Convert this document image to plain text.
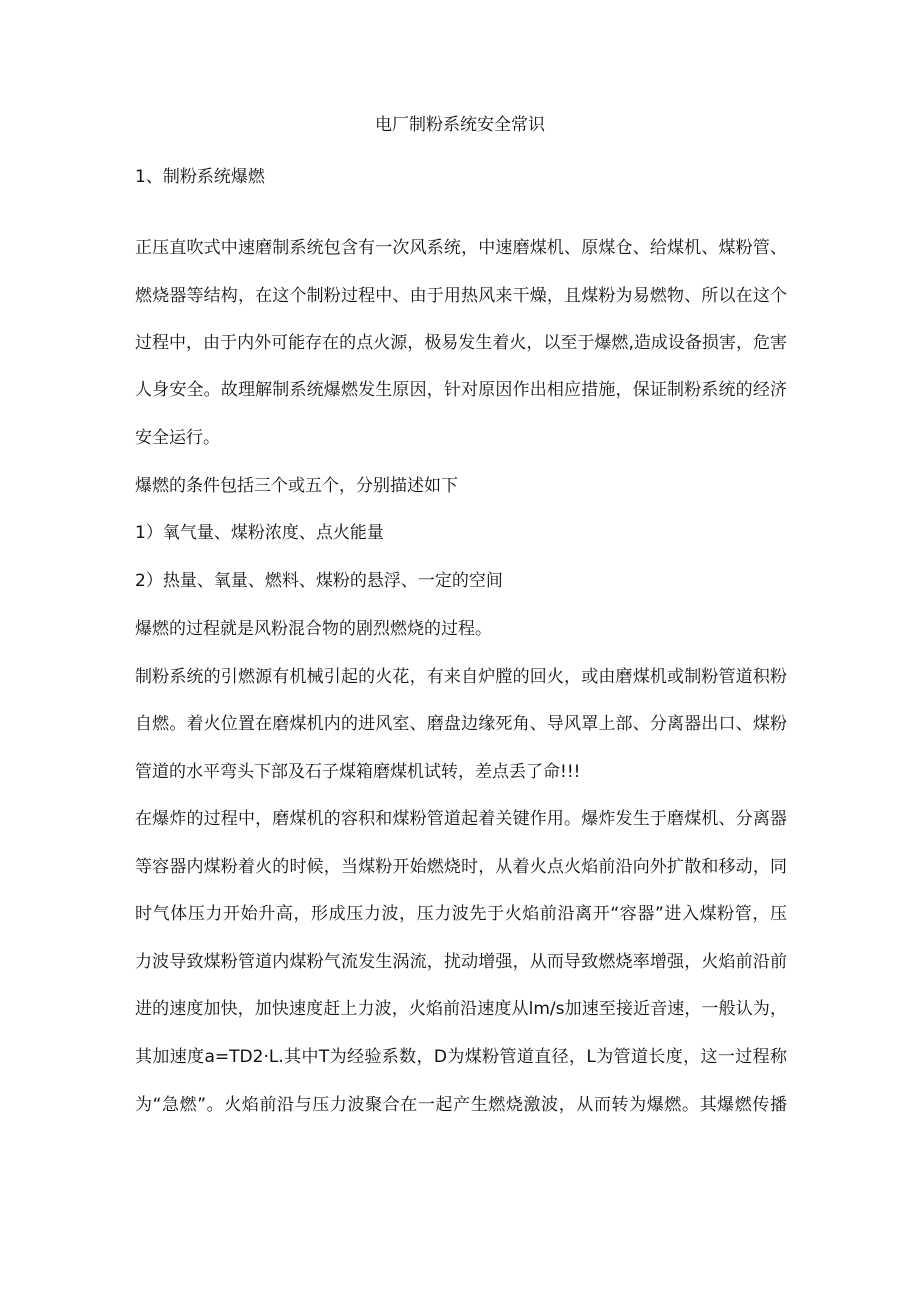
电厂制粉系统安全常识
1、制粉系统爆燃
正压直吹式中速磨制系统包含有一次风系统，中速磨煤机、原煤仓、给煤机、煤粉管、
燃烧器等结构，在这个制粉过程中、由于用热风来干燥，且煤粉为易燃物、所以在这个
过程中，由于内外可能存在的点火源，极易发生着火，以至于爆燃,造成设备损害，危害
人身安全。故理解制系统爆燃发生原因，针对原因作出相应措施，保证制粉系统的经济
安全运行。
爆燃的条件包括三个或五个，分别描述如下
1）氧气量、煤粉浓度、点火能量
2）热量、氧量、燃料、煤粉的悬浮、一定的空间
爆燃的过程就是风粉混合物的剧烈燃烧的过程。
制粉系统的引燃源有机械引起的火花，有来自炉膛的回火，或由磨煤机或制粉管道积粉
自燃。着火位置在磨煤机内的进风室、磨盘边缘死角、导风罩上部、分离器出口、煤粉
管道的水平弯头下部及石子煤箱磨煤机试转，差点丢了命!!!
在爆炸的过程中，磨煤机的容积和煤粉管道起着关键作用。爆炸发生于磨煤机、分离器
等容器内煤粉着火的时候，当煤粉开始燃烧时，从着火点火焰前沿向外扩散和移动，同
时气体压力开始升高，形成压力波，压力波先于火焰前沿离开“容器”进入煤粉管，压
力波导致煤粉管道内煤粉气流发生涡流，扰动增强，从而导致燃烧率增强，火焰前沿前
进的速度加快，加快速度赶上力波，火焰前沿速度从lm/s加速至接近音速，一般认为，
其加速度a=TD2·L.其中T为经验系数，D为煤粉管道直径，L为管道长度，这一过程称
为“急燃”。火焰前沿与压力波聚合在一起产生燃烧激波，从而转为爆燃。其爆燃传播
